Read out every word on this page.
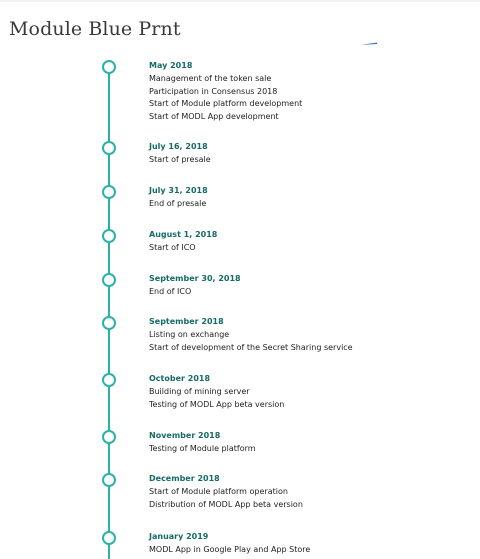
Module Blue Prnt
May 2018
Management of the token sale
Participation in Consensus 2018
Start of Module platform development
Start of MODL App development
July 16, 2018
Start of presale
July 31, 2018
End of presale
August 1, 2018
Start of ICO
September 30, 2018
End of ICO
September 2018
Listing on exchange
Start of development of the Secret Sharing service
October 2018
Building of mining server
Testing of MODL App beta version
November 2018
Testing of Module platform
December 2018
Start of Module platform operation
Distribution of MODL App beta version
January 2019
MODL App in Google Play and App Store
